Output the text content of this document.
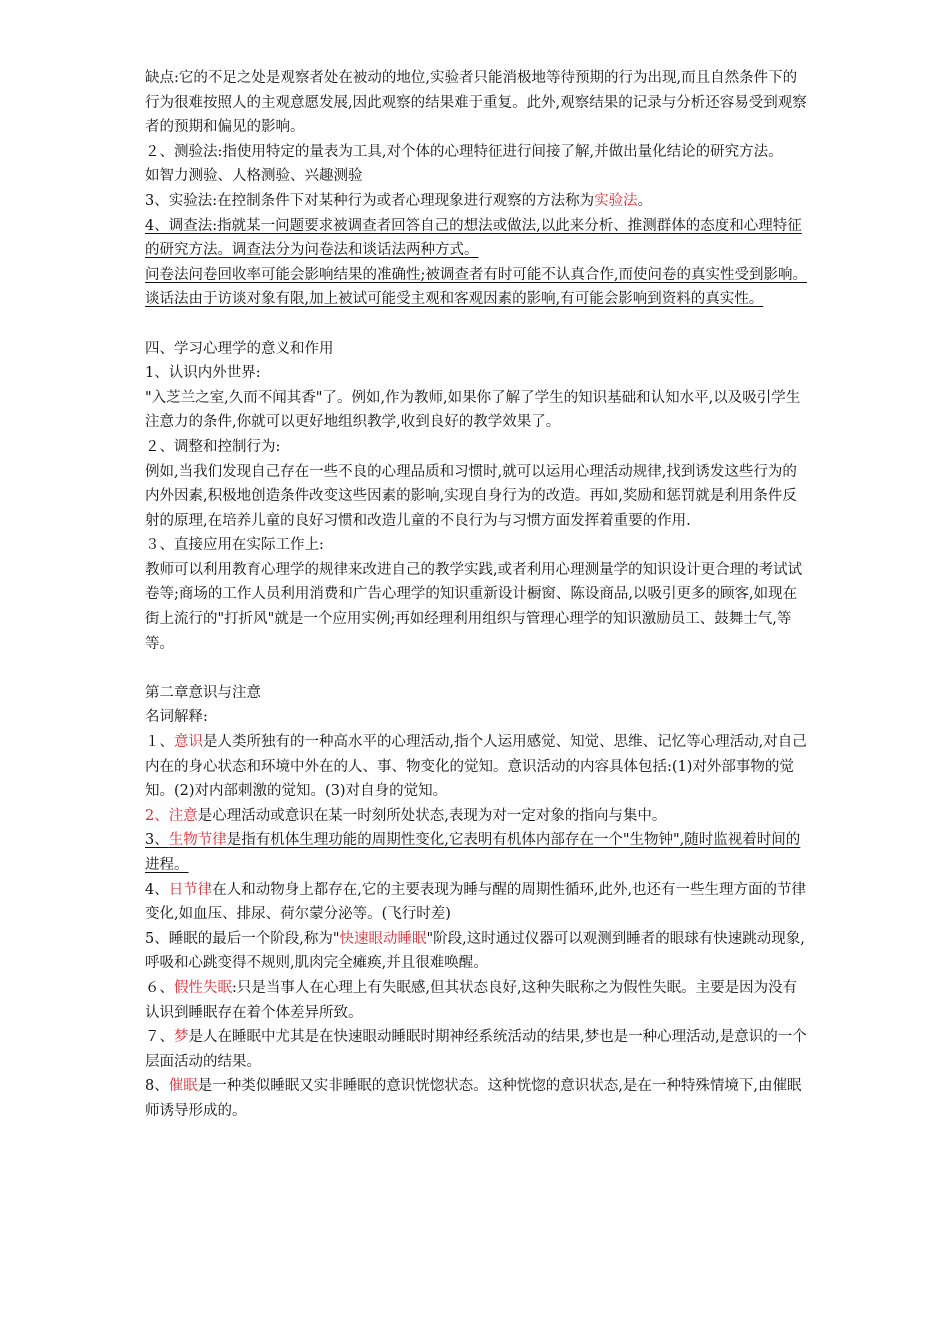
缺点:它的不足之处是观察者处在被动的地位,实验者只能消极地等待预期的行为出现,而且自然条件下的行为很难按照人的主观意愿发展,因此观察的结果难于重复。此外,观察结果的记录与分析还容易受到观察者的预期和偏见的影响。

２、测验法:指使用特定的量表为工具,对个体的心理特征进行间接了解,并做出量化结论的研究方法。

如智力测验、人格测验、兴趣测验

3、实验法:在控制条件下对某种行为或者心理现象进行观察的方法称为实验法。

4、调查法:指就某一问题要求被调查者回答自己的想法或做法,以此来分析、推测群体的态度和心理特征的研究方法。调查法分为问卷法和谈话法两种方式。

问卷法问卷回收率可能会影响结果的准确性;被调查者有时可能不认真合作,而使问卷的真实性受到影响。

谈话法由于访谈对象有限,加上被试可能受主观和客观因素的影响,有可能会影响到资料的真实性。

四、学习心理学的意义和作用

1、认识内外世界:

"入芝兰之室,久而不闻其香"了。例如,作为教师,如果你了解了学生的知识基础和认知水平,以及吸引学生注意力的条件,你就可以更好地组织教学,收到良好的教学效果了。

２、调整和控制行为:

例如,当我们发现自己存在一些不良的心理品质和习惯时,就可以运用心理活动规律,找到诱发这些行为的内外因素,积极地创造条件改变这些因素的影响,实现自身行为的改造。再如,奖励和惩罚就是利用条件反射的原理,在培养儿童的良好习惯和改造儿童的不良行为与习惯方面发挥着重要的作用.

３、直接应用在实际工作上:

教师可以利用教育心理学的规律来改进自己的教学实践,或者利用心理测量学的知识设计更合理的考试试卷等;商场的工作人员利用消费和广告心理学的知识重新设计橱窗、陈设商品,以吸引更多的顾客,如现在街上流行的"打折风"就是一个应用实例;再如经理利用组织与管理心理学的知识激励员工、鼓舞士气,等等。

第二章意识与注意

名词解释:

１、意识是人类所独有的一种高水平的心理活动,指个人运用感觉、知觉、思维、记忆等心理活动,对自己内在的身心状态和环境中外在的人、事、物变化的觉知。意识活动的内容具体包括:(1)对外部事物的觉知。(2)对内部刺激的觉知。(3)对自身的觉知。

2、注意是心理活动或意识在某一时刻所处状态,表现为对一定对象的指向与集中。

3、生物节律是指有机体生理功能的周期性变化,它表明有机体内部存在一个"生物钟",随时监视着时间的进程。

4、日节律在人和动物身上都存在,它的主要表现为睡与醒的周期性循环,此外,也还有一些生理方面的节律变化,如血压、排尿、荷尔蒙分泌等。(飞行时差)

5、睡眠的最后一个阶段,称为"快速眼动睡眠"阶段,这时通过仪器可以观测到睡者的眼球有快速跳动现象,呼吸和心跳变得不规则,肌肉完全瘫痪,并且很难唤醒。

６、假性失眠:只是当事人在心理上有失眠感,但其状态良好,这种失眠称之为假性失眠。主要是因为没有认识到睡眠存在着个体差异所致。

７、梦是人在睡眠中尤其是在快速眼动睡眠时期神经系统活动的结果,梦也是一种心理活动,是意识的一个层面活动的结果。

8、催眠是一种类似睡眠又实非睡眠的意识恍惚状态。这种恍惚的意识状态,是在一种特殊情境下,由催眠师诱导形成的。
